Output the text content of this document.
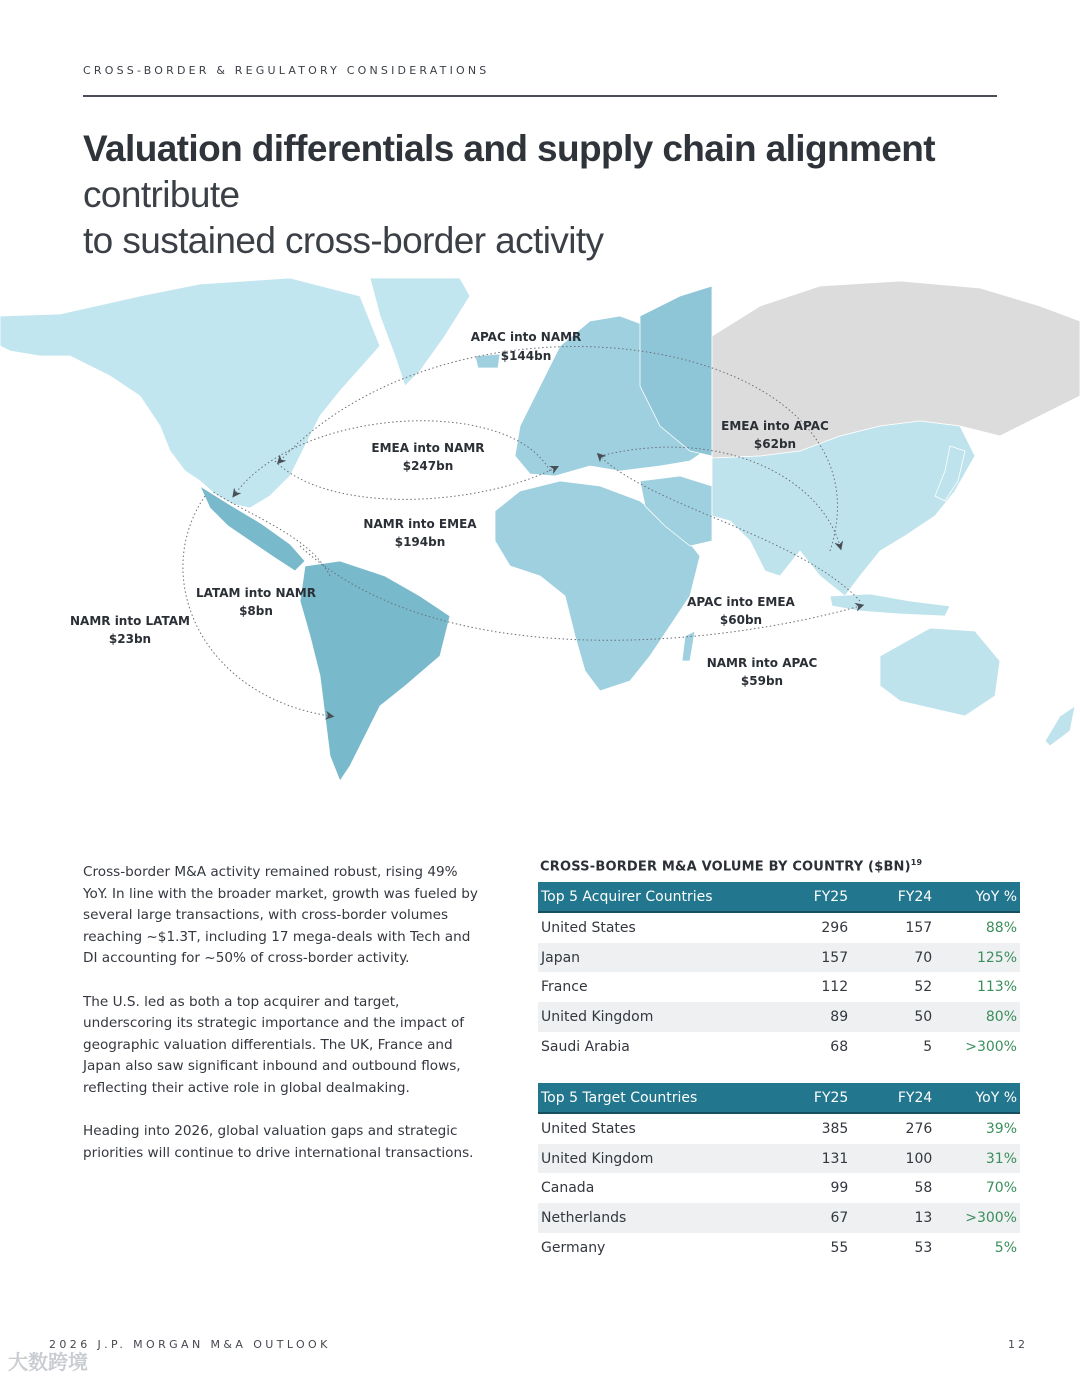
CROSS-BORDER & REGULATORY CONSIDERATIONS
Valuation differentials and supply chain alignment contribute
to sustained cross-border activity
APAC into NAMR
$144bn
EMEA into APAC
$62bn
EMEA into NAMR
$247bn
NAMR into EMEA
$194bn
LATAM into NAMR
$8bn
NAMR into LATAM
$23bn
APAC into EMEA
$60bn
NAMR into APAC
$59bn

Cross-border M&A activity remained robust, rising 49% YoY. In line with the broader market, growth was fueled by several large transactions, with cross-border volumes reaching ~$1.3T, including 17 mega-deals with Tech and DI accounting for ~50% of cross-border activity.

The U.S. led as both a top acquirer and target, underscoring its strategic importance and the impact of geographic valuation differentials. The UK, France and Japan also saw significant inbound and outbound flows, reflecting their active role in global dealmaking.

Heading into 2026, global valuation gaps and strategic priorities will continue to drive international transactions.

CROSS-BORDER M&A VOLUME BY COUNTRY ($BN)$^{19}$
Top 5 Acquirer Countries	FY25	FY24	YoY %
United States	296	157	88%
Japan	157	70	125%
France	112	52	113%
United Kingdom	89	50	80%
Saudi Arabia	68	5	>300%
Top 5 Target Countries	FY25	FY24	YoY %
United States	385	276	39%
United Kingdom	131	100	31%
Canada	99	58	70%
Netherlands	67	13	>300%
Germany	55	53	5%
2026 J.P. MORGAN M&A OUTLOOK	12
大数跨境
